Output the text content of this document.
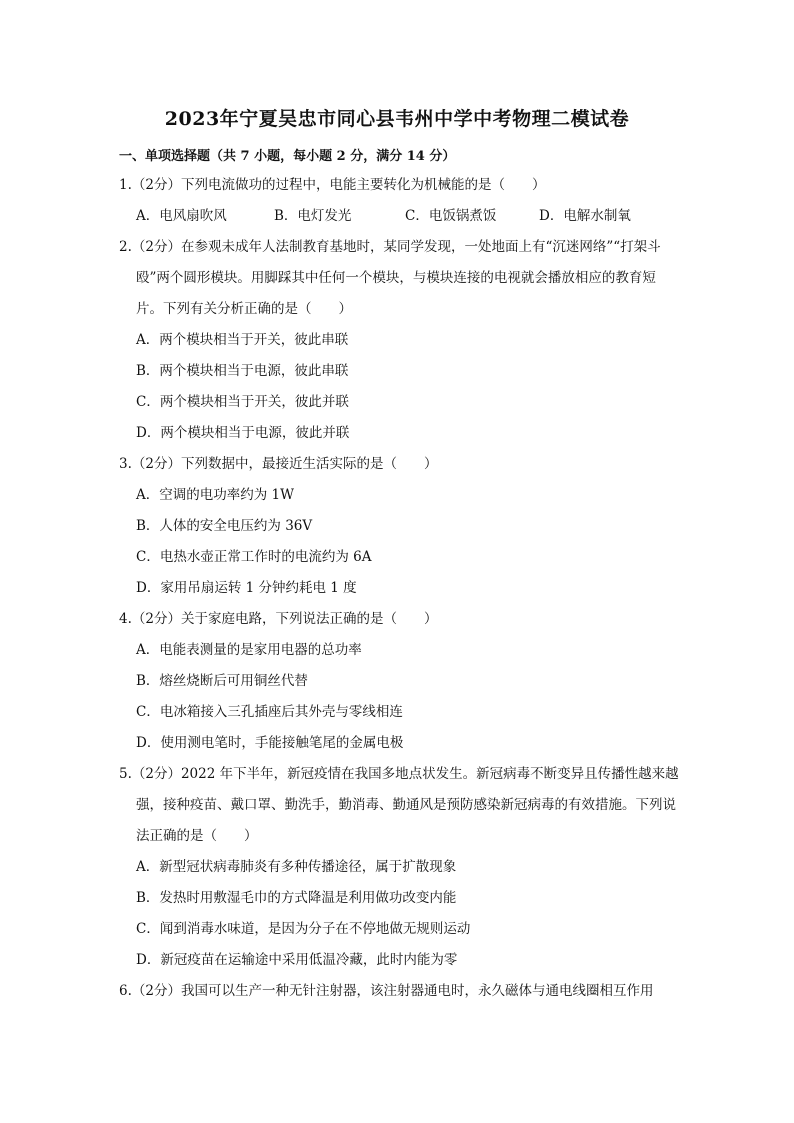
2023年宁夏吴忠市同心县韦州中学中考物理二模试卷
一、单项选择题（共 7 小题，每小题 2 分，满分 14 分）
1.（2分）下列电流做功的过程中，电能主要转化为机械能的是（　　）
A．电风扇吹风	B．电灯发光	C．电饭锅煮饭	D．电解水制氧
2.（2分）在参观未成年人法制教育基地时，某同学发现，一处地面上有“沉迷网络”“打架斗殴”两个圆形模块。用脚踩其中任何一个模块，与模块连接的电视就会播放相应的教育短片。下列有关分析正确的是（　　）
A．两个模块相当于开关，彼此串联
B．两个模块相当于电源，彼此串联
C．两个模块相当于开关，彼此并联
D．两个模块相当于电源，彼此并联
3.（2分）下列数据中，最接近生活实际的是（　　）
A．空调的电功率约为 1W
B．人体的安全电压约为 36V
C．电热水壶正常工作时的电流约为 6A
D．家用吊扇运转 1 分钟约耗电 1 度
4.（2分）关于家庭电路，下列说法正确的是（　　）
A．电能表测量的是家用电器的总功率
B．熔丝烧断后可用铜丝代替
C．电冰箱接入三孔插座后其外壳与零线相连
D．使用测电笔时，手能接触笔尾的金属电极
5.（2分）2022 年下半年，新冠疫情在我国多地点状发生。新冠病毒不断变异且传播性越来越强，接种疫苗、戴口罩、勤洗手，勤消毒、勤通风是预防感染新冠病毒的有效措施。下列说法正确的是（　　）
A．新型冠状病毒肺炎有多种传播途径，属于扩散现象
B．发热时用敷湿毛巾的方式降温是利用做功改变内能
C．闻到消毒水味道，是因为分子在不停地做无规则运动
D．新冠疫苗在运输途中采用低温冷藏，此时内能为零
6.（2分）我国可以生产一种无针注射器，该注射器通电时，永久磁体与通电线圈相互作用
